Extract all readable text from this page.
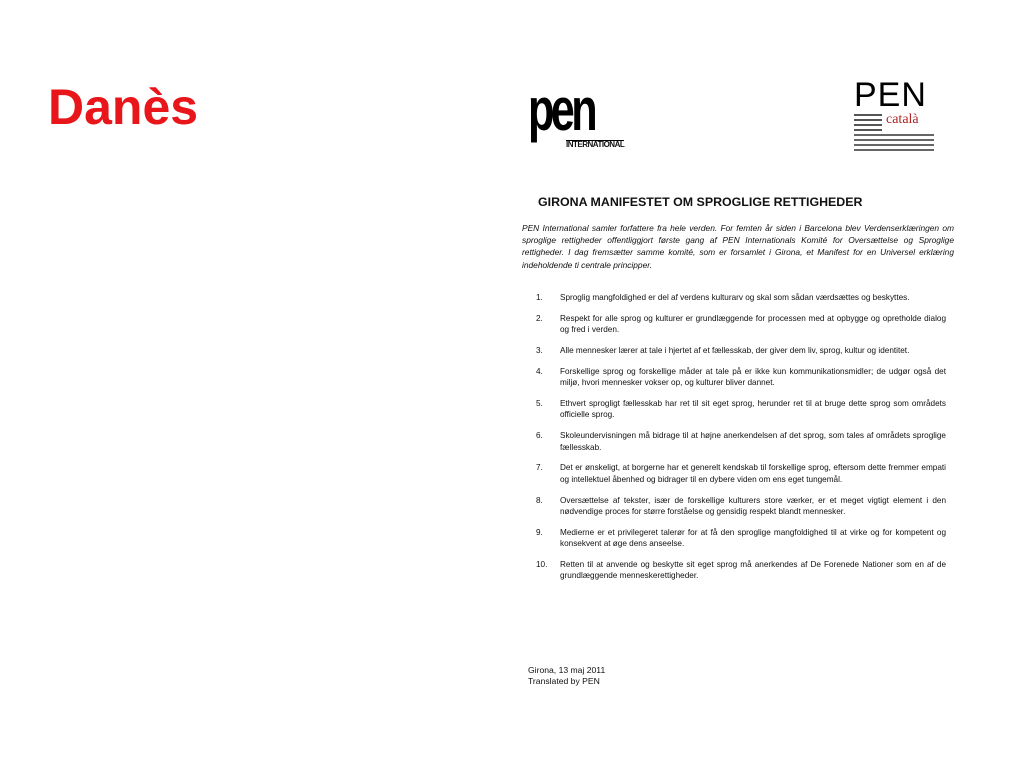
Danès	pen
INTERNATIONAL
PEN
català
GIRONA MANIFESTET OM SPROGLIGE RETTIGHEDER

PEN International samler forfattere fra hele verden. For femten år siden i Barcelona blev Verdenserklæringen om sproglige rettigheder offentliggjort første gang af PEN Internationals Komité for Oversættelse og Sproglige rettigheder. I dag fremsætter samme komité, som er forsamlet i Girona, et Manifest for en Universel erklæring indeholdende ti centrale principper.

1. Sproglig mangfoldighed er del af verdens kulturarv og skal som sådan værdsættes og beskyttes.
2. Respekt for alle sprog og kulturer er grundlæggende for processen med at opbygge og opretholde dialog og fred i verden.
3. Alle mennesker lærer at tale i hjertet af et fællesskab, der giver dem liv, sprog, kultur og identitet.
4. Forskellige sprog og forskellige måder at tale på er ikke kun kommunikationsmidler; de udgør også det miljø, hvori mennesker vokser op, og kulturer bliver dannet.
5. Ethvert sprogligt fællesskab har ret til sit eget sprog, herunder ret til at bruge dette sprog som områdets officielle sprog.
6. Skoleundervisningen må bidrage til at højne anerkendelsen af det sprog, som tales af områdets sproglige fællesskab.
7. Det er ønskeligt, at borgerne har et generelt kendskab til forskellige sprog, eftersom dette fremmer empati og intellektuel åbenhed og bidrager til en dybere viden om ens eget tungemål.
8. Oversættelse af tekster, især de forskellige kulturers store værker, er et meget vigtigt element i den nødvendige proces for større forståelse og gensidig respekt blandt mennesker.
9. Medierne er et privilegeret talerør for at få den sproglige mangfoldighed til at virke og for kompetent og konsekvent at øge dens anseelse.
10. Retten til at anvende og beskytte sit eget sprog må anerkendes af De Forenede Nationer som en af de grundlæggende menneskerettigheder.
Girona, 13 maj 2011
Translated by PEN
